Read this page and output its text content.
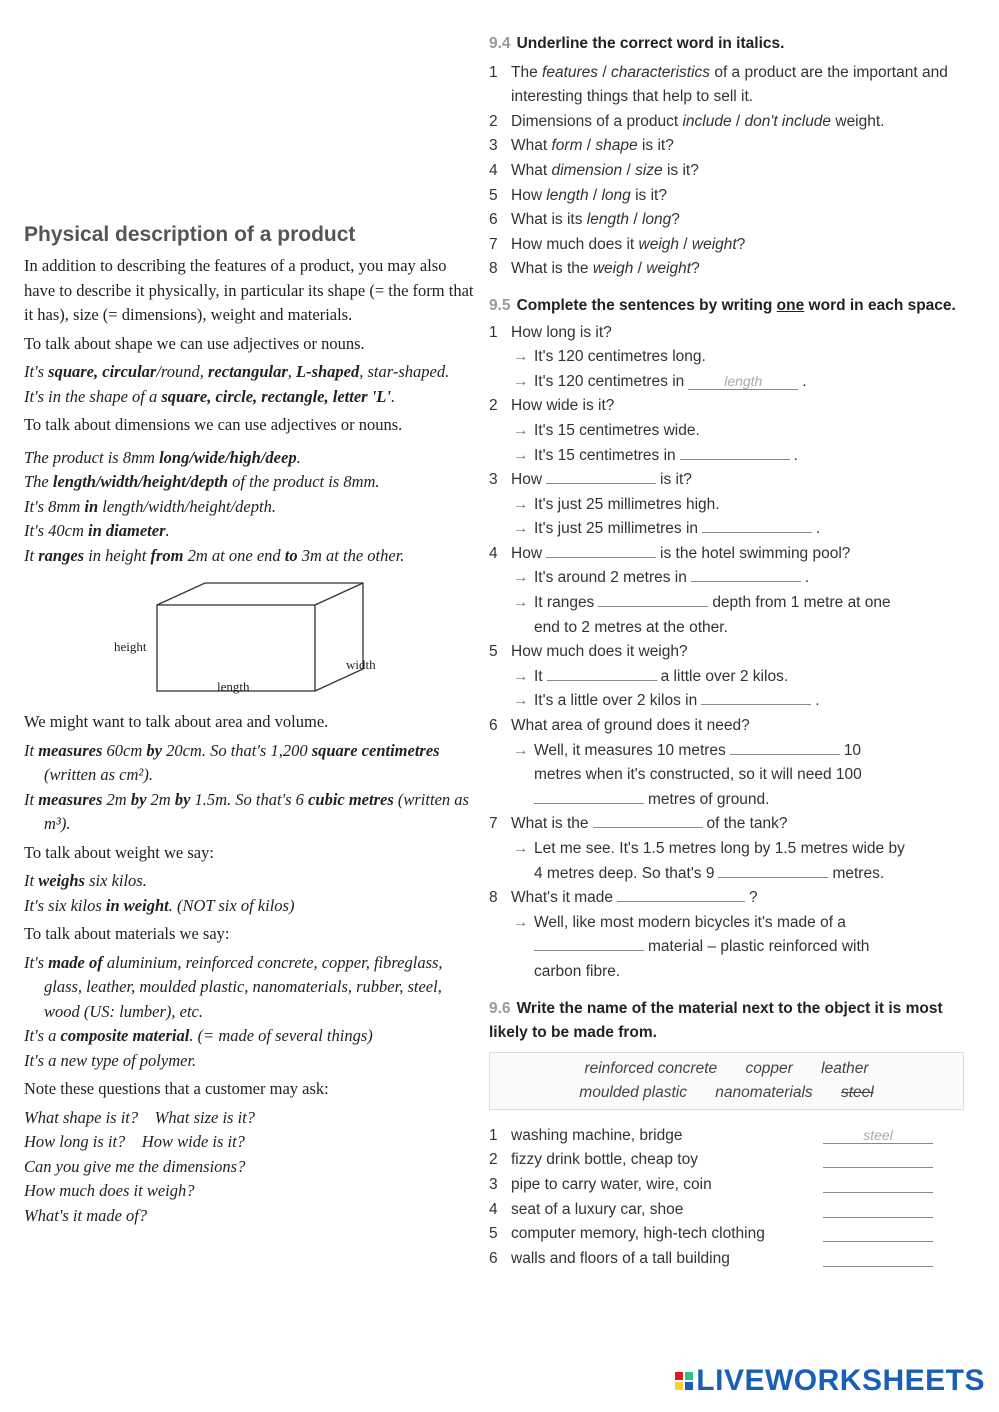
Physical description of a product

In addition to describing the features of a product, you may also have to describe it physically, in particular its shape (= the form that it has), size (= dimensions), weight and materials.

To talk about shape we can use adjectives or nouns.

It's square, circular/round, rectangular, L-shaped, star-shaped.

It's in the shape of a square, circle, rectangle, letter 'L'.

To talk about dimensions we can use adjectives or nouns.

The product is 8mm long/wide/high/deep.

The length/width/height/depth of the product is 8mm.

It's 8mm in length/width/height/depth.

It's 40cm in diameter.

It ranges in height from 2m at one end to 3m at the other.

height
width
length

We might want to talk about area and volume.

It measures 60cm by 20cm. So that's 1,200 square centimetres (written as cm²).

It measures 2m by 2m by 1.5m. So that's 6 cubic metres (written as m³).

To talk about weight we say:

It weighs six kilos.

It's six kilos in weight. (NOT six of kilos)

To talk about materials we say:

It's made of aluminium, reinforced concrete, copper, fibreglass, glass, leather, moulded plastic, nanomaterials, rubber, steel, wood (US: lumber), etc.

It's a composite material. (= made of several things)

It's a new type of polymer.

Note these questions that a customer may ask:

What shape is it?    What size is it?

How long is it?    How wide is it?

Can you give me the dimensions?

How much does it weigh?

What's it made of?

9.4 Underline the correct word in italics.

1 The features / characteristics of a product are the important and interesting things that help to sell it.
2 Dimensions of a product include / don't include weight.
3 What form / shape is it?
4 What dimension / size is it?
5 How length / long is it?
6 What is its length / long?
7 How much does it weigh / weight?
8 What is the weigh / weight?

9.5 Complete the sentences by writing one word in each space.

1 How long is it?
→ It's 120 centimetres long.
→ It's 120 centimetres in	length	.
2 How wide is it?
→ It's 15 centimetres wide.
→ It's 15 centimetres in	.
3 How	is it?
→ It's just 25 millimetres high.
→ It's just 25 millimetres in	.
4 How	is the hotel swimming pool?
→ It's around 2 metres in	.
→ It ranges	depth from 1 metre at one
end to 2 metres at the other.
5 How much does it weigh?
→ It	a little over 2 kilos.
→ It's a little over 2 kilos in	.
6 What area of ground does it need?
→ Well, it measures 10 metres	10
metres when it's constructed, so it will need 100
metres of ground.
7 What is the	of the tank?
→ Let me see. It's 1.5 metres long by 1.5 metres wide by
4 metres deep. So that's 9	metres.
8 What's it made	?
→ Well, like most modern bicycles it's made of a
material – plastic reinforced with
carbon fibre.

9.6 Write the name of the material next to the object it is most likely to be made from.

reinforced concrete copper leather
moulded plastic nanomaterials steel
1 washing machine, bridge	steel
2 fizzy drink bottle, cheap toy
3 pipe to carry water, wire, coin
4 seat of a luxury car, shoe
5 computer memory, high-tech clothing
6 walls and floors of a tall building
LIVEWORKSHEETS
